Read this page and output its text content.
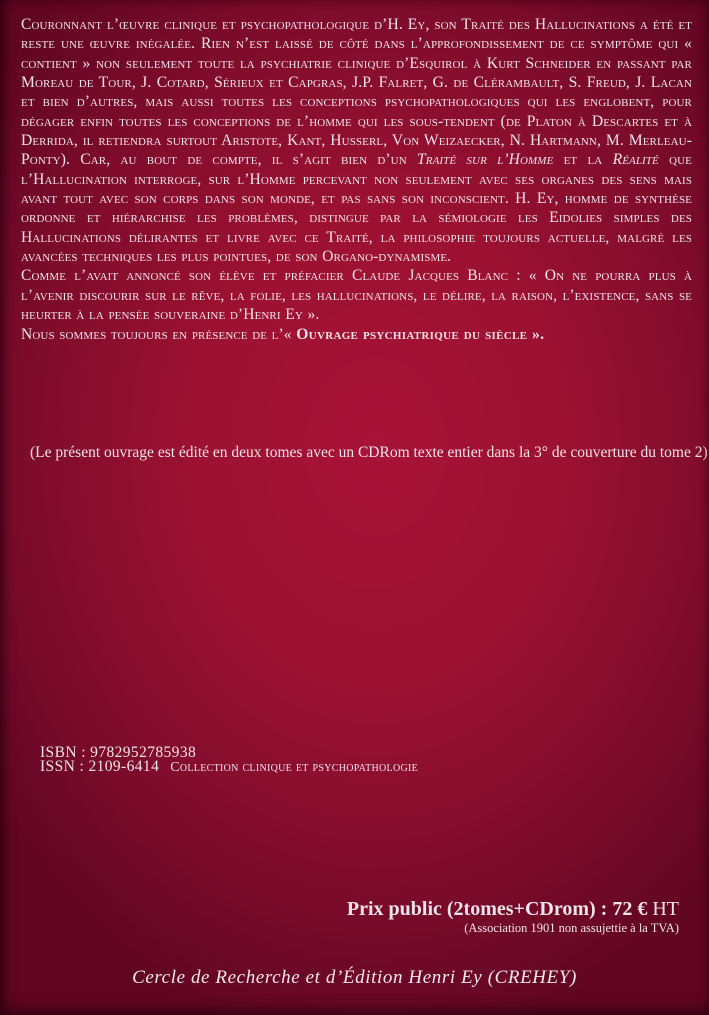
Couronnant l’œuvre clinique et psychopathologique d’H. Ey, son Traité des Hallucinations a été et reste une œuvre inégalée. Rien n’est laissé de côté dans l’approfondissement de ce symptôme qui « contient » non seulement toute la psychiatrie clinique d’Esquirol à Kurt Schneider en passant par Moreau de Tour, J. Cotard, Sérieux et Capgras, J.P. Falret, G. de Clérambault, S. Freud, J. Lacan et bien d’autres, mais aussi toutes les conceptions psychopathologiques qui les englobent, pour dégager enfin toutes les conceptions de l’homme qui les sous-tendent (de Platon à Descartes et à Derrida, il retiendra surtout Aristote, Kant, Husserl, Von Weizaecker, N. Hartmann, M. Merleau-Ponty). Car, au bout de compte, il s’agit bien d’un Traité sur l’Homme et la Réalité que l’Hallucination interroge, sur l’Homme percevant non seulement avec ses organes des sens mais avant tout avec son corps dans son monde, et pas sans son inconscient. H. Ey, homme de synthèse ordonne et hiérarchise les problèmes, distingue par la sémiologie les Eidolies simples des Hallucinations délirantes et livre avec ce Traité, la philosophie toujours actuelle, malgré les avancées techniques les plus pointues, de son Organo-dynamisme.

Comme l’avait annoncé son élève et préfacier Claude Jacques Blanc : « On ne pourra plus à l’avenir discourir sur le rêve, la folie, les hallucinations, le délire, la raison, l’existence, sans se heurter à la pensée souveraine d’Henri Ey ».

Nous sommes toujours en présence de l’« Ouvrage psychiatrique du siècle ».

(Le présent ouvrage est édité en deux tomes avec un CDRom texte entier dans la 3° de couverture du tome 2)

ISBN : 9782952785938
ISSN : 2109-6414 Collection clinique et psychopathologie
Prix public (2tomes+CDrom) : 72 € HT
(Association 1901 non assujettie à la TVA)
Cercle de Recherche et d’Édition Henri Ey (CREHEY)
